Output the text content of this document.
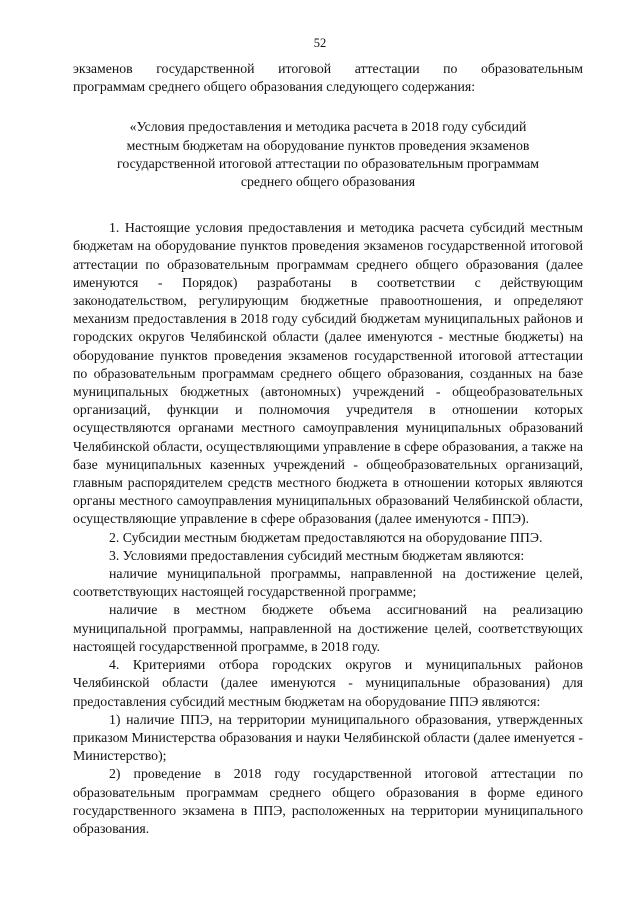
52

экзаменов государственной итоговой аттестации по образовательным

программам среднего общего образования следующего содержания:

«Условия предоставления и методика расчета в 2018 году субсидий

местным бюджетам на оборудование пунктов проведения экзаменов

государственной итоговой аттестации по образовательным программам

среднего общего образования

1. Настоящие условия предоставления и методика расчета субсидий местным бюджетам на оборудование пунктов проведения экзаменов государственной итоговой аттестации по образовательным программам среднего общего образования (далее именуются - Порядок) разработаны в соответствии с действующим законодательством, регулирующим бюджетные правоотношения, и определяют механизм предоставления в 2018 году субсидий бюджетам муниципальных районов и городских округов Челябинской области (далее именуются - местные бюджеты) на оборудование пунктов проведения экзаменов государственной итоговой аттестации по образовательным программам среднего общего образования, созданных на базе муниципальных бюджетных (автономных) учреждений - общеобразовательных организаций, функции и полномочия учредителя в отношении которых осуществляются органами местного самоуправления муниципальных образований Челябинской области, осуществляющими управление в сфере образования, а также на базе муниципальных казенных учреждений - общеобразовательных организаций, главным распорядителем средств местного бюджета в отношении которых являются органы местного самоуправления муниципальных образований Челябинской области, осуществляющие управление в сфере образования (далее именуются - ППЭ).

2. Субсидии местным бюджетам предоставляются на оборудование ППЭ.

3. Условиями предоставления субсидий местным бюджетам являются:

наличие муниципальной программы, направленной на достижение целей, соответствующих настоящей государственной программе;

наличие в местном бюджете объема ассигнований на реализацию муниципальной программы, направленной на достижение целей, соответствующих настоящей государственной программе, в 2018 году.

4. Критериями отбора городских округов и муниципальных районов Челябинской области (далее именуются - муниципальные образования) для предоставления субсидий местным бюджетам на оборудование ППЭ являются:

1) наличие ППЭ, на территории муниципального образования, утвержденных приказом Министерства образования и науки Челябинской области (далее именуется - Министерство);

2) проведение в 2018 году государственной итоговой аттестации по образовательным программам среднего общего образования в форме единого государственного экзамена в ППЭ, расположенных на территории муниципального образования.
